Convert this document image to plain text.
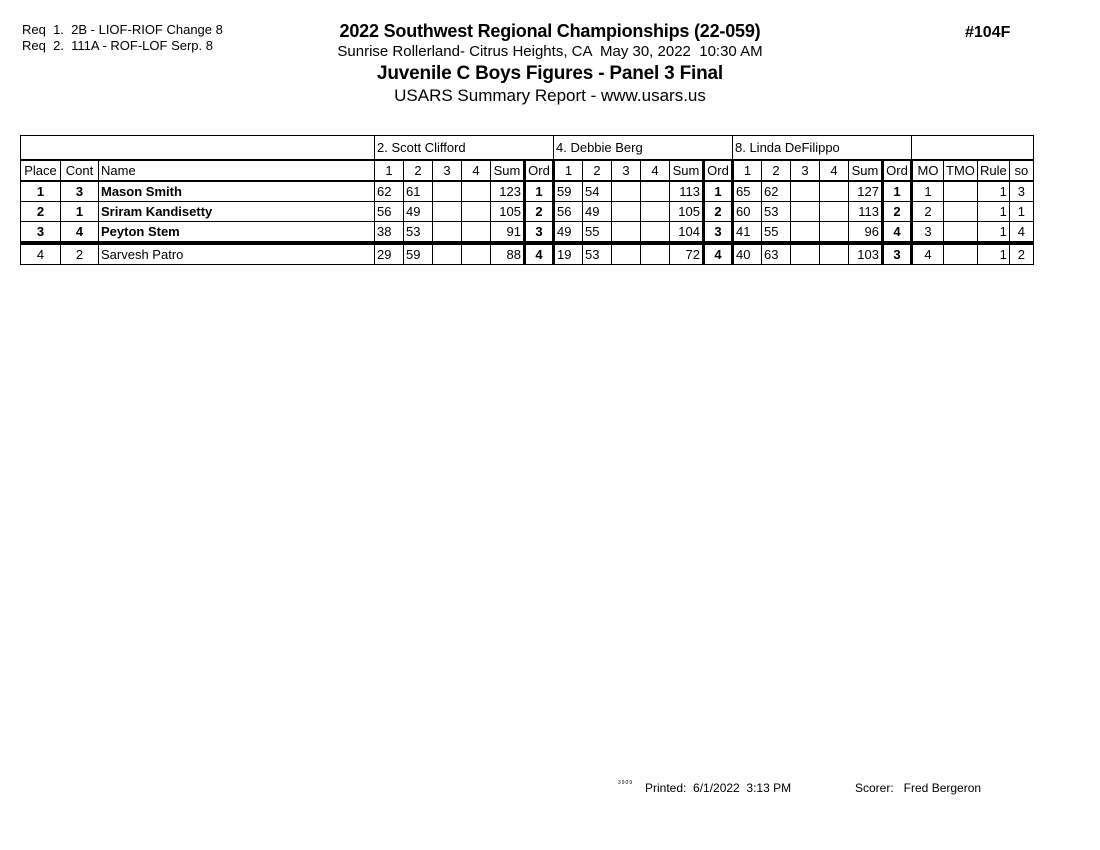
Req  1.  2B - LIOF-RIOF Change 8
Req  2.  111A - ROF-LOF Serp. 8
2022 Southwest Regional Championships (22-059)
Sunrise Rollerland- Citrus Heights, CA  May 30, 2022  10:30 AM
Juvenile C Boys Figures - Panel 3 Final
USARS Summary Report - www.usars.us
#104F
			2. Scott Clifford						4. Debbie Berg						8. Linda DeFilippo									
Place	Cont	Name	1	2	3	4	Sum	Ord	1	2	3	4	Sum	Ord	1	2	3	4	Sum	Ord	MO	TMO	Rule	so
1	3	Mason Smith	62	61			123	1	59	54			113	1	65	62			127	1	1		1	3
2	1	Sriram Kandisetty	56	49			105	2	56	49			105	2	60	53			113	2	2		1	1
3	4	Peyton Stem	38	53			91	3	49	55			104	3	41	55			96	4	3		1	4
4	2	Sarvesh Patro	29	59			88	4	19	53			72	4	40	63			103	3	4		1	2
3909 Printed:  6/1/2022  3:13 PM	Scorer:   Fred Bergeron
